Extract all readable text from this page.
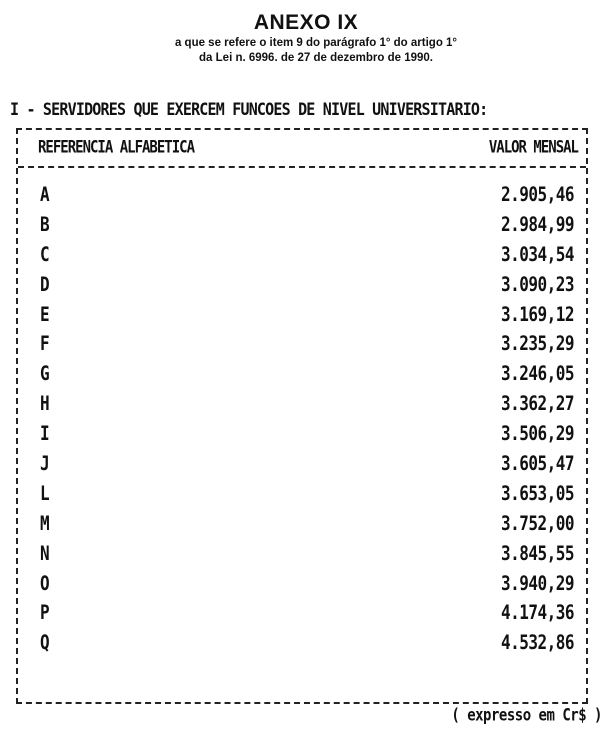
ANEXO IX
a que se refere o item 9 do parágrafo 1° do artigo 1°
da Lei n. 6996. de 27 de dezembro de 1990.
I - SERVIDORES QUE EXERCEM FUNCOES DE NIVEL UNIVERSITARIO:
REFERENCIA ALFABETICA	VALOR MENSAL
A	2.905,46
B	2.984,99
C	3.034,54
D	3.090,23
E	3.169,12
F	3.235,29
G	3.246,05
H	3.362,27
I	3.506,29
J	3.605,47
L	3.653,05
M	3.752,00
N	3.845,55
O	3.940,29
P	4.174,36
Q	4.532,86
( expresso em Cr$ )
